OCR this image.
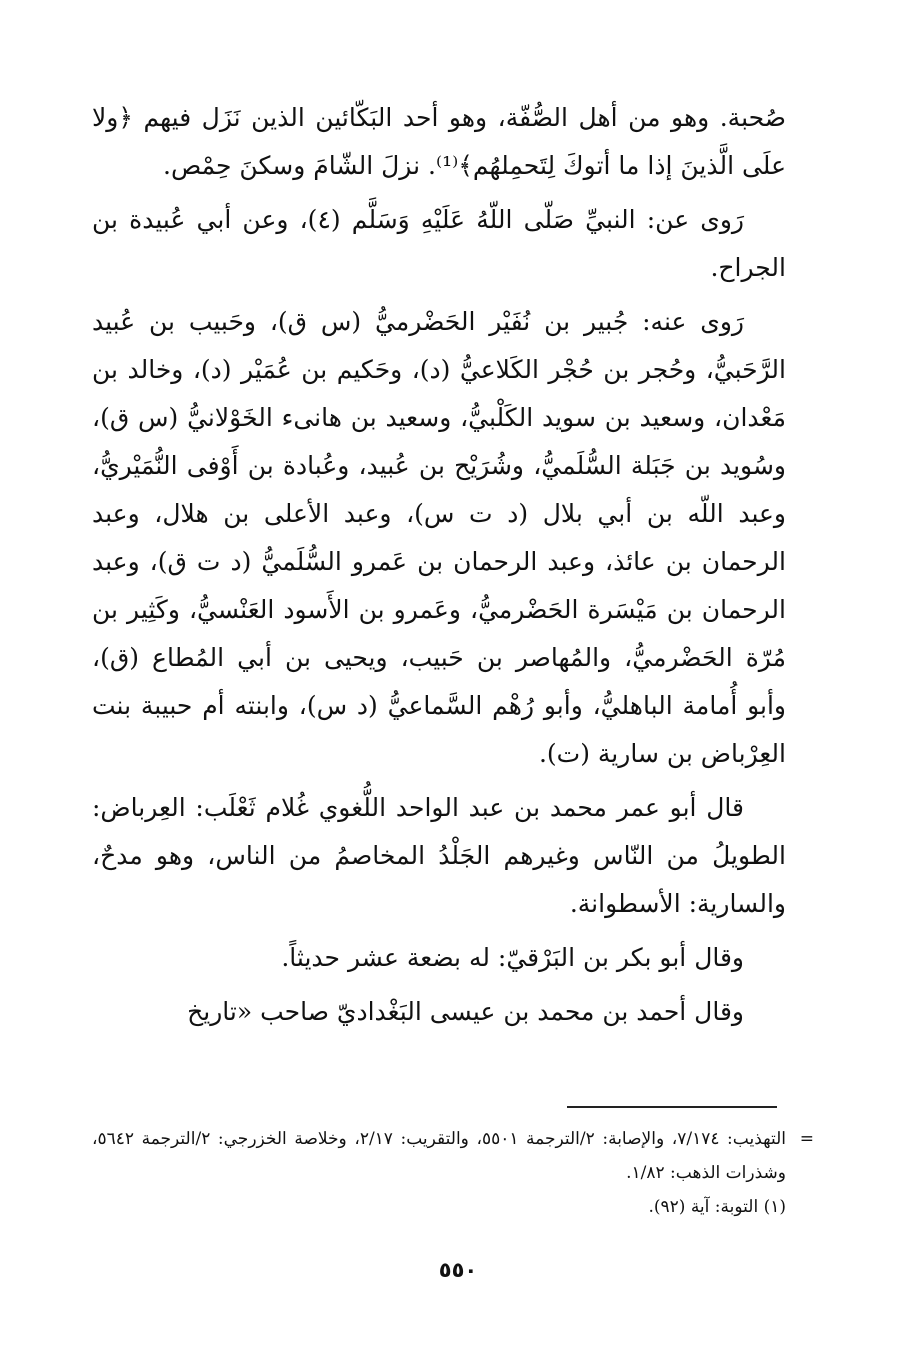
صُحبة. وهو من أهل الصُّفّة، وهو أحد البَكّائين الذين نَزَل فيهم ﴿ولا علَى الَّذينَ إذا ما أتوكَ لِتَحمِلهُم﴾⁽¹⁾. نزلَ الشّامَ وسكنَ حِمْص.

رَوى عن: النبيِّ صَلّى اللّهُ عَلَيْهِ وَسَلَّم (٤)، وعن أبي عُبيدة بن الجراح.

رَوى عنه: جُبير بن نُفَيْر الحَضْرميُّ (س ق)، وحَبيب بن عُبيد الرَّحَبيُّ، وحُجر بن حُجْر الكَلاعيُّ (د)، وحَكيم بن عُمَيْر (د)، وخالد بن مَعْدان، وسعيد بن سويد الكَلْبيُّ، وسعيد بن هانىء الخَوْلانيُّ (س ق)، وسُويد بن جَبَلة السُّلَميُّ، وشُرَيْح بن عُبيد، وعُبادة بن أَوْفى النُّمَيْريُّ، وعبد اللّه بن أبي بلال (د ت س)، وعبد الأعلى بن هلال، وعبد الرحمان بن عائذ، وعبد الرحمان بن عَمرو السُّلَميُّ (د ت ق)، وعبد الرحمان بن مَيْسَرة الحَضْرميُّ، وعَمرو بن الأَسود العَنْسيُّ، وكَثِير بن مُرّة الحَضْرميُّ، والمُهاصر بن حَبيب، ويحيى بن أبي المُطاع (ق)، وأبو أُمامة الباهليُّ، وأبو رُهْم السَّماعيُّ (د س)، وابنته أم حبيبة بنت العِرْباض بن سارية (ت).

قال أبو عمر محمد بن عبد الواحد اللُّغوي غُلام ثَعْلَب: العِرباض: الطويلُ من النّاس وغيرهم الجَلْدُ المخاصمُ من الناس، وهو مدحٌ، والسارية: الأسطوانة.

وقال أبو بكر بن البَرْقيّ: له بضعة عشر حديثاً.

وقال أحمد بن محمد بن عيسى البَغْداديّ صاحب «تاريخ

=

التهذيب: ٧/١٧٤، والإصابة: ٢/الترجمة ٥٥٠١، والتقريب: ٢/١٧، وخلاصة الخزرجي: ٢/الترجمة ٥٦٤٢، وشذرات الذهب: ١/٨٢.

(١) التوبة: آية (٩٢).

٥٥٠
